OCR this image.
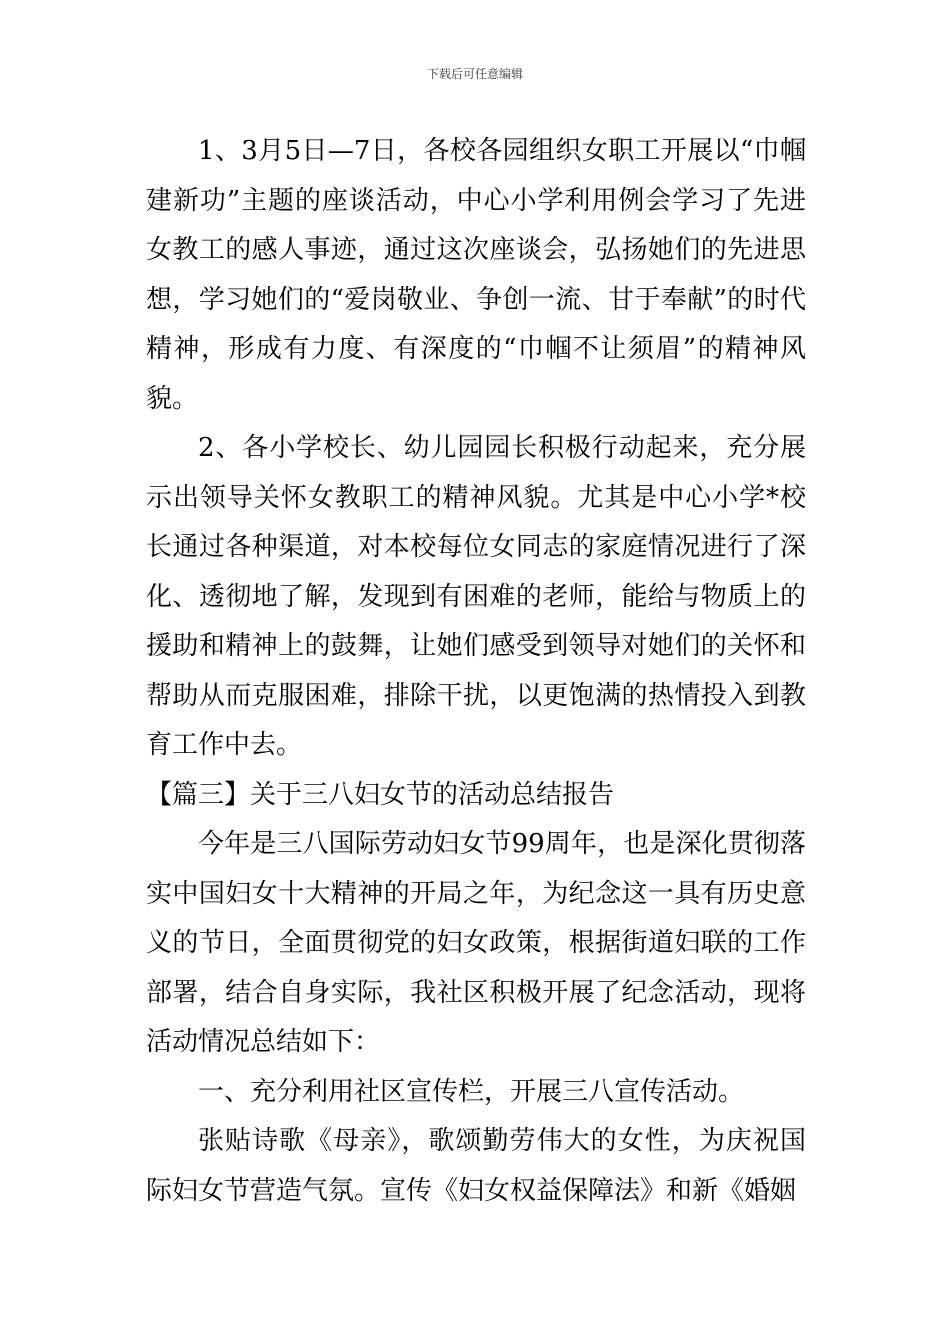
下载后可任意编辑

1、3月5日—7日，各校各园组织女职工开展以“巾帼建新功”主题的座谈活动，中心小学利用例会学习了先进女教工的感人事迹，通过这次座谈会，弘扬她们的先进思想，学习她们的“爱岗敬业、争创一流、甘于奉献”的时代精神，形成有力度、有深度的“巾帼不让须眉”的精神风貌。

2、各小学校长、幼儿园园长积极行动起来，充分展示出领导关怀女教职工的精神风貌。尤其是中心小学*校长通过各种渠道，对本校每位女同志的家庭情况进行了深化、透彻地了解，发现到有困难的老师，能给与物质上的援助和精神上的鼓舞，让她们感受到领导对她们的关怀和帮助从而克服困难，排除干扰，以更饱满的热情投入到教育工作中去。

【篇三】关于三八妇女节的活动总结报告

今年是三八国际劳动妇女节99周年，也是深化贯彻落实中国妇女十大精神的开局之年，为纪念这一具有历史意义的节日，全面贯彻党的妇女政策，根据街道妇联的工作部署，结合自身实际，我社区积极开展了纪念活动，现将活动情况总结如下：

一、充分利用社区宣传栏，开展三八宣传活动。

张贴诗歌《母亲》，歌颂勤劳伟大的女性，为庆祝国际妇女节营造气氛。宣传《妇女权益保障法》和新《婚姻
